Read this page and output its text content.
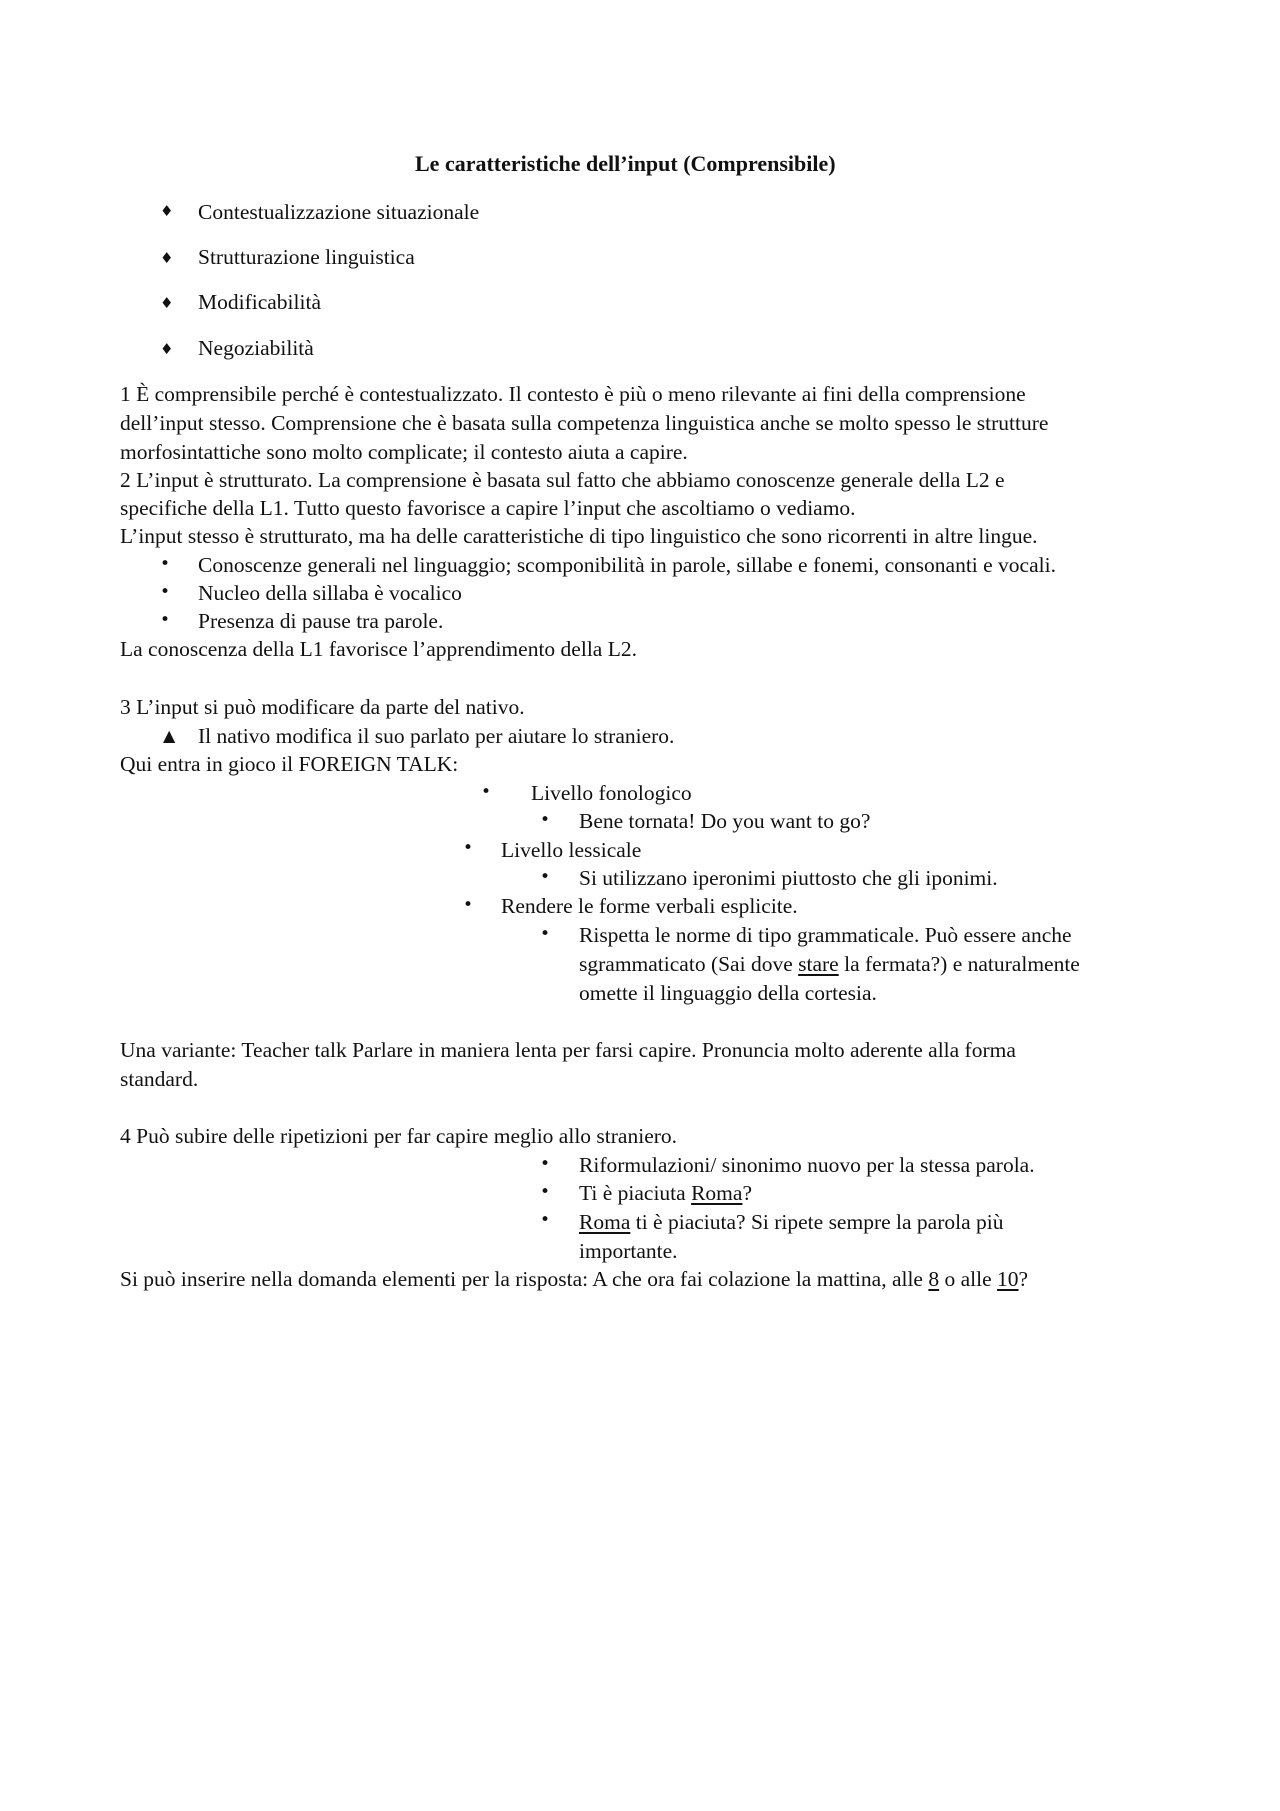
Le caratteristiche dell’input (Comprensibile)
♦ Contestualizzazione situazionale
♦ Strutturazione linguistica
♦ Modificabilità
♦ Negoziabilità
1 È comprensibile perché è contestualizzato. Il contesto è più o meno rilevante ai fini della comprensione
dell’input stesso. Comprensione che è basata sulla competenza linguistica anche se molto spesso le strutture
morfosintattiche sono molto complicate; il contesto aiuta a capire.
2 L’input è strutturato. La comprensione è basata sul fatto che abbiamo conoscenze generale della L2 e
specifiche della L1. Tutto questo favorisce a capire l’input che ascoltiamo o vediamo.
L’input stesso è strutturato, ma ha delle caratteristiche di tipo linguistico che sono ricorrenti in altre lingue.
• Conoscenze generali nel linguaggio; scomponibilità in parole, sillabe e fonemi, consonanti e vocali.
• Nucleo della sillaba è vocalico
• Presenza di pause tra parole.
La conoscenza della L1 favorisce l’apprendimento della L2.
3 L’input si può modificare da parte del nativo.
▲ Il nativo modifica il suo parlato per aiutare lo straniero.
Qui entra in gioco il FOREIGN TALK:
• Livello fonologico
• Bene tornata! Do you want to go?
• Livello lessicale
• Si utilizzano iperonimi piuttosto che gli iponimi.
• Rendere le forme verbali esplicite.
• Rispetta le norme di tipo grammaticale. Può essere anche
sgrammaticato (Sai dove stare la fermata?) e naturalmente
omette il linguaggio della cortesia.
Una variante: Teacher talk Parlare in maniera lenta per farsi capire. Pronuncia molto aderente alla forma
standard.
4 Può subire delle ripetizioni per far capire meglio allo straniero.
• Riformulazioni/ sinonimo nuovo per la stessa parola.
• Ti è piaciuta Roma?
• Roma ti è piaciuta? Si ripete sempre la parola più
importante.
Si può inserire nella domanda elementi per la risposta: A che ora fai colazione la mattina, alle 8 o alle 10?
